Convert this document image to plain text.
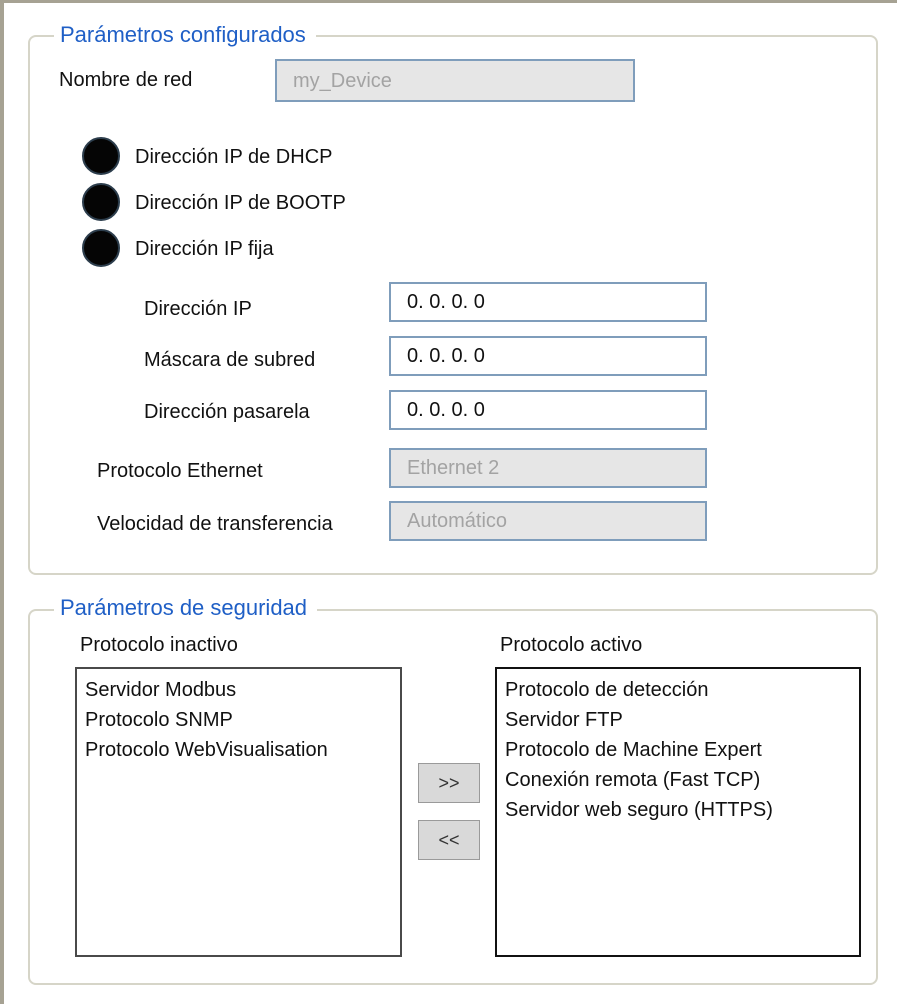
Parámetros configurados
Nombre de red	my_Device
Dirección IP de DHCP
Dirección IP de BOOTP
Dirección IP fija
Dirección IP	0. 0. 0. 0
Máscara de subred	0. 0. 0. 0
Dirección pasarela	0. 0. 0. 0
Protocolo Ethernet	Ethernet 2
Velocidad de transferencia	Automático
Parámetros de seguridad
Protocolo inactivo	Protocolo activo
Servidor Modbus
Protocolo SNMP
Protocolo WebVisualisation
>>
<<
Protocolo de detección
Servidor FTP
Protocolo de Machine Expert
Conexión remota (Fast TCP)
Servidor web seguro (HTTPS)
